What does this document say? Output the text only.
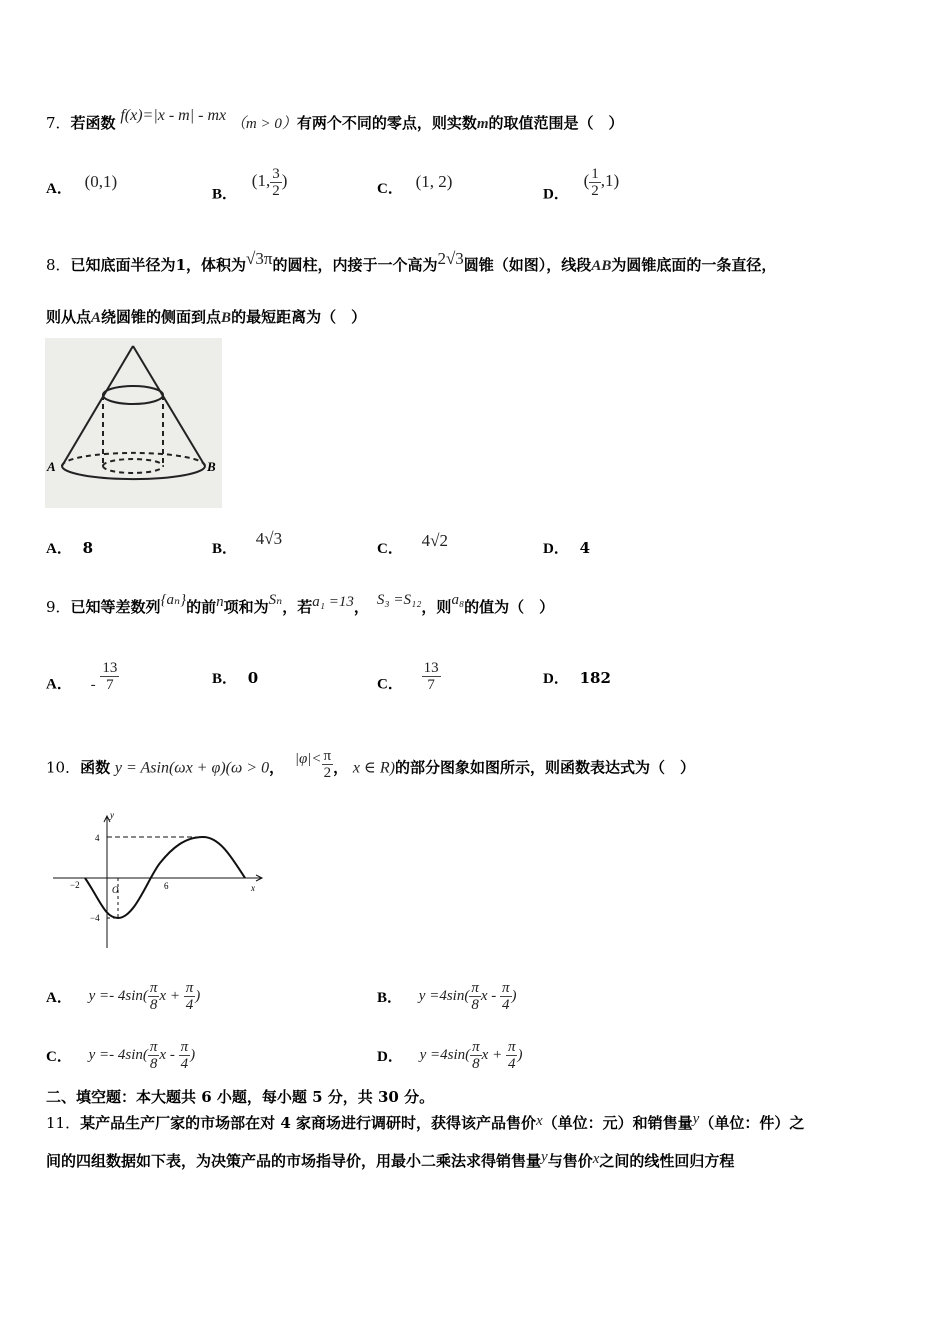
7．若函数 f(x)=|x - m| - mx （m > 0）有两个不同的零点，则实数m的取值范围是（　）
A． (0,1)
B． (1, $\frac{3}{2}$ )	C． (1, 2)
D． ( $\frac{1}{2} ,1$)
8．已知底面半径为1，体积为√3π的圆柱，内接于一个高为2√3圆锥（如图），线段AB为圆锥底面的一条直径，
则从点A绕圆锥的侧面到点B的最短距离为（　）
A	B
A． 8	B． 4√3
C． 4√2	D． 4
9．已知等差数列{aₙ}的前n项和为Sₙ，若a₁ =13， S₃ =S₁₂，则a₈的值为（　）
A． - $\frac{13}{7}$	B． 0	C． $\frac{13}{7}$	D． 182
10．函数 y = Asin(ωx + φ)(ω > 0， $|\varphi|< \frac{\pi}{2}$ ， x ∈ R)的部分图象如图所示，则函数表达式为（　）
y
x
O
4
−4
−2	6
A． $y =- 4\sin( \frac{\pi}{8}$ $x + \frac{\pi}{4}$ )	B． $y =4\sin( \frac{\pi}{8}$ x - $\frac{\pi}{4}$ )
C． $y =- 4\sin( \frac{\pi}{8}$ x - $\frac{\pi}{4}$ )	D． $y =4\sin( \frac{\pi}{8}$ $x + \frac{\pi}{4}$ )
二、填空题：本大题共 6 小题，每小题 5 分，共 30 分。
11．某产品生产厂家的市场部在对 4 家商场进行调研时，获得该产品售价x（单位：元）和销售量y（单位：件）之
间的四组数据如下表，为决策产品的市场指导价，用最小二乘法求得销售量y与售价x之间的线性回归方程
